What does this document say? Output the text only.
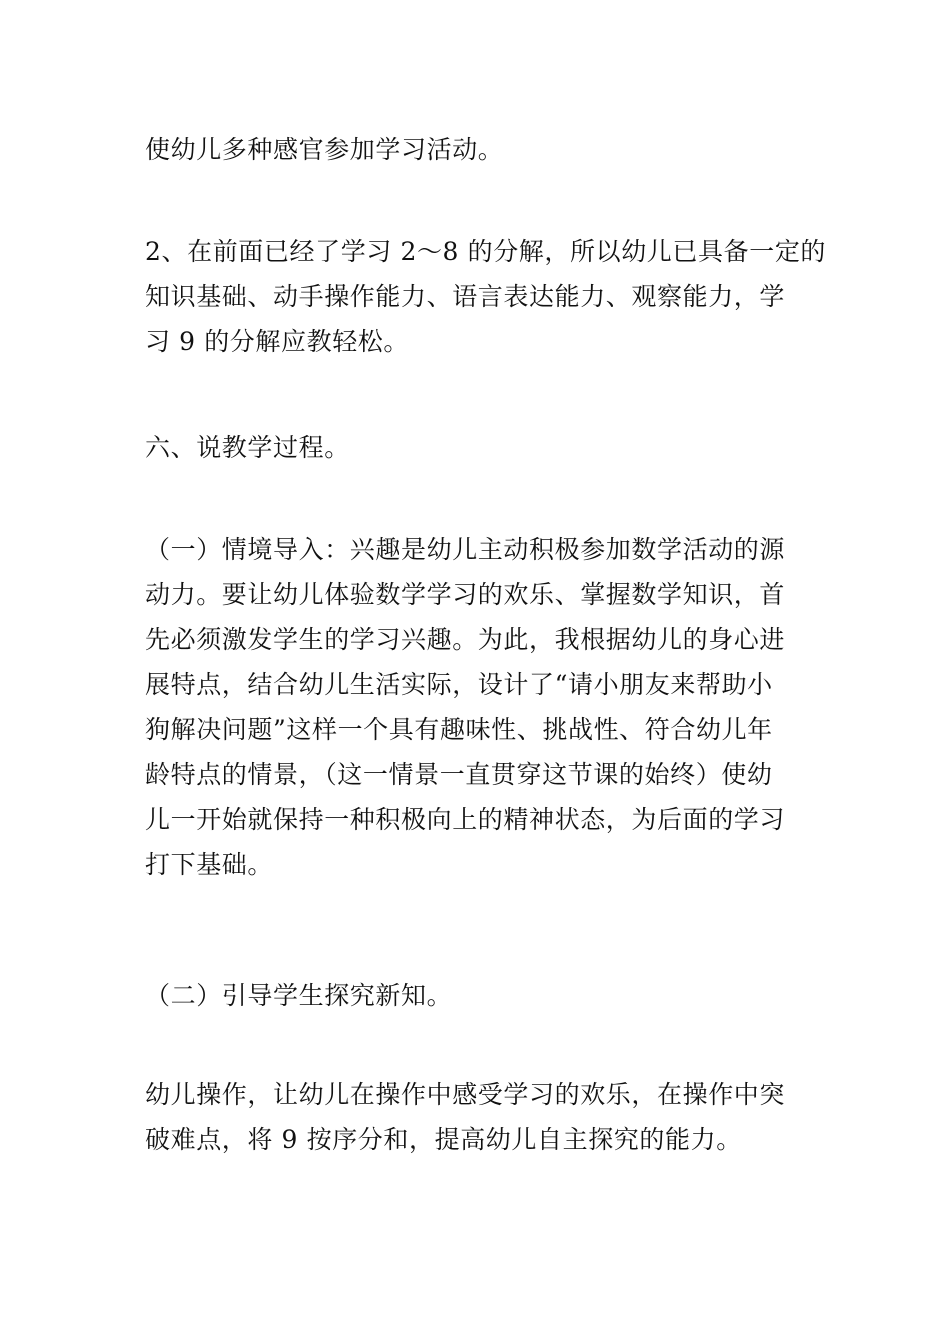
使幼儿多种感官参加学习活动。

2、在前面已经了学习 2～8 的分解，所以幼儿已具备一定的
知识基础、动手操作能力、语言表达能力、观察能力，学
习 9 的分解应教轻松。

六、说教学过程。

（一）情境导入：兴趣是幼儿主动积极参加数学活动的源
动力。要让幼儿体验数学学习的欢乐、掌握数学知识，首
先必须激发学生的学习兴趣。为此，我根据幼儿的身心进
展特点，结合幼儿生活实际，设计了“请小朋友来帮助小
狗解决问题”这样一个具有趣味性、挑战性、符合幼儿年
龄特点的情景，（这一情景一直贯穿这节课的始终）使幼
儿一开始就保持一种积极向上的精神状态，为后面的学习
打下基础。

（二）引导学生探究新知。

幼儿操作，让幼儿在操作中感受学习的欢乐，在操作中突
破难点，将 9 按序分和，提高幼儿自主探究的能力。
